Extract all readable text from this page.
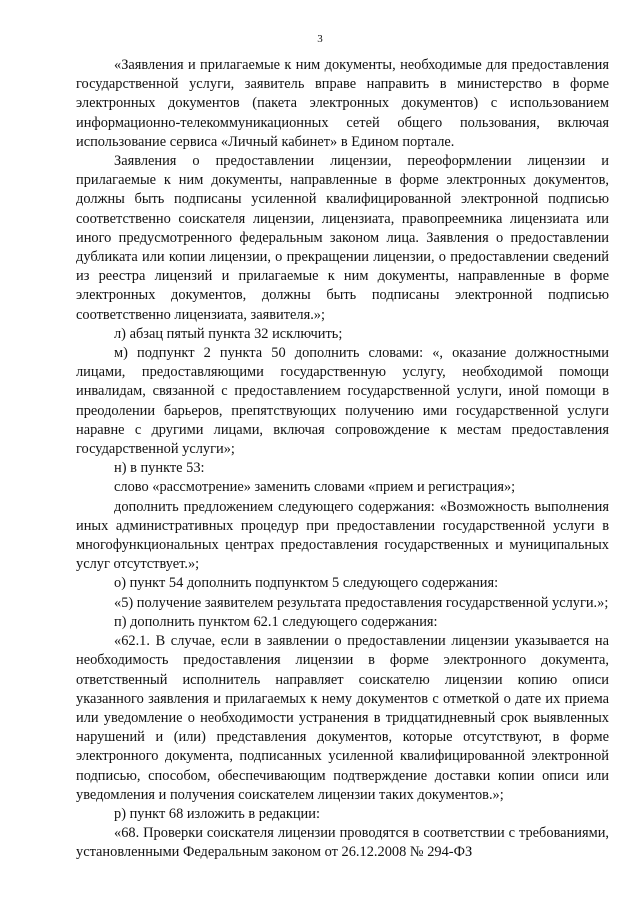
3

«Заявления и прилагаемые к ним документы, необходимые для предоставления государственной услуги, заявитель вправе направить в министерство в форме электронных документов (пакета электронных документов) с использованием информационно-телекоммуникационных сетей общего пользования, включая использование сервиса «Личный кабинет» в Едином портале.

Заявления о предоставлении лицензии, переоформлении лицензии и прилагаемые к ним документы, направленные в форме электронных документов, должны быть подписаны усиленной квалифицированной электронной подписью соответственно соискателя лицензии, лицензиата, правопреемника лицензиата или иного предусмотренного федеральным законом лица. Заявления о предоставлении дубликата или копии лицензии, о прекращении лицензии, о предоставлении сведений из реестра лицензий и прилагаемые к ним документы, направленные в форме электронных документов, должны быть подписаны электронной подписью соответственно лицензиата, заявителя.»;

л) абзац пятый пункта 32 исключить;

м) подпункт 2 пункта 50 дополнить словами: «, оказание должностными лицами, предоставляющими государственную услугу, необходимой помощи инвалидам, связанной с предоставлением государственной услуги, иной помощи в преодолении барьеров, препятствующих получению ими государственной услуги наравне с другими лицами, включая сопровождение к местам предоставления государственной услуги»;

н) в пункте 53:

слово «рассмотрение» заменить словами «прием и регистрация»;

дополнить предложением следующего содержания: «Возможность выполнения иных административных процедур при предоставлении государственной услуги в многофункциональных центрах предоставления государственных и муниципальных услуг отсутствует.»;

о) пункт 54 дополнить подпунктом 5 следующего содержания:

«5) получение заявителем результата предоставления государственной услуги.»;

п) дополнить пунктом 62.1 следующего содержания:

«62.1. В случае, если в заявлении о предоставлении лицензии указывается на необходимость предоставления лицензии в форме электронного документа, ответственный исполнитель направляет соискателю лицензии копию описи указанного заявления и прилагаемых к нему документов с отметкой о дате их приема или уведомление о необходимости устранения в тридцатидневный срок выявленных нарушений и (или) представления документов, которые отсутствуют, в форме электронного документа, подписанных усиленной квалифицированной электронной подписью, способом, обеспечивающим подтверждение доставки копии описи или уведомления и получения соискателем лицензии таких документов.»;

р) пункт 68 изложить в редакции:

«68. Проверки соискателя лицензии проводятся в соответствии с требованиями, установленными Федеральным законом от 26.12.2008 № 294-ФЗ
